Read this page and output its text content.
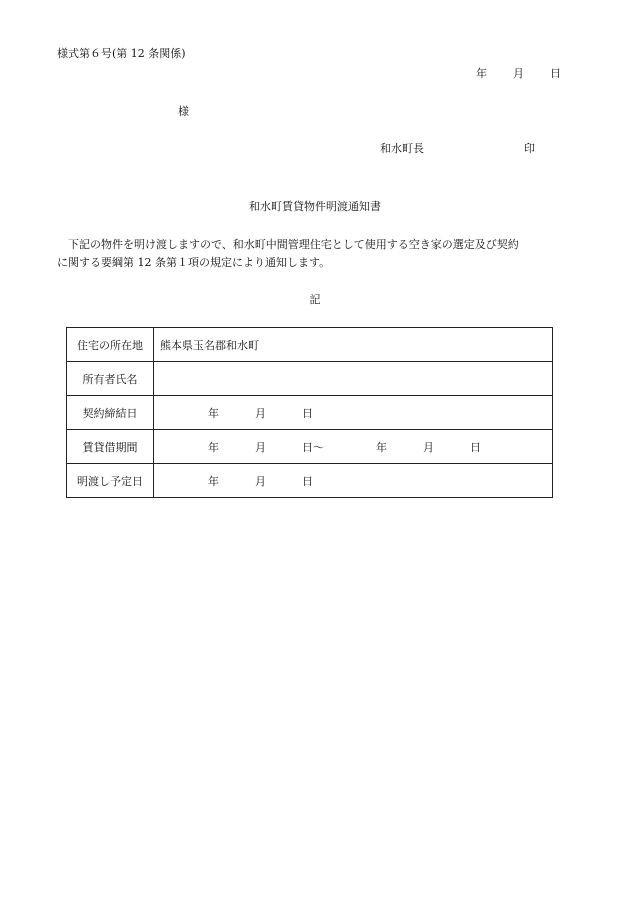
様式第６号(第 12 条関係)
年 月 日
様
和水町長	印
和水町賃貸物件明渡通知書
下記の物件を明け渡しますので、和水町中間管理住宅として使用する空き家の選定及び契約
に関する要綱第 12 条第１項の規定により通知します。
記
住宅の所在地	熊本県玉名郡和水町
所有者氏名	
契約締結日	年 月 日
賃貸借期間	年 月 日～ 年 月 日
明渡し予定日	年 月 日
